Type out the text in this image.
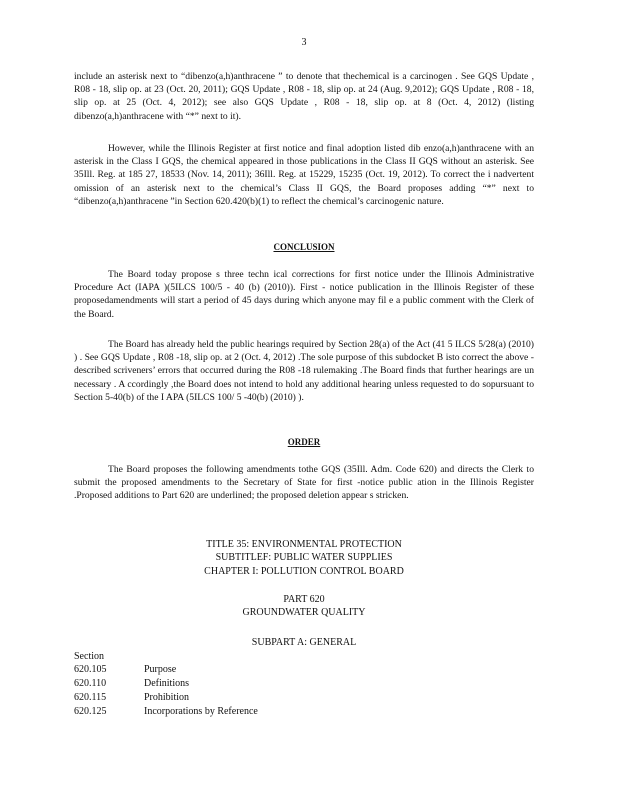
3

include an asterisk next to “dibenzo(a,h)anthracene ” to denote that thechemical is a carcinogen . See GQS Update , R08 - 18, slip op. at 23 (Oct. 20, 2011); GQS Update , R08 - 18, slip op. at 24 (Aug. 9,2012); GQS Update , R08 - 18, slip op. at 25 (Oct. 4, 2012); see also GQS Update , R08 - 18, slip op. at 8 (Oct. 4, 2012) (listing dibenzo(a,h)anthracene with “*” next to it).

However, while the Illinois Register at first notice and final adoption listed dib enzo(a,h)anthracene with an asterisk in the Class I GQS, the chemical appeared in those publications in the Class II GQS without an asterisk. See 35Ill. Reg. at 185 27, 18533 (Nov. 14, 2011); 36Ill. Reg. at 15229, 15235 (Oct. 19, 2012). To correct the i nadvertent omission of an asterisk next to the chemical’s Class II GQS, the Board proposes adding “*” next to “dibenzo(a,h)anthracene ”in Section 620.420(b)(1) to reflect the chemical’s carcinogenic nature.

CONCLUSION

The Board today propose s three techn ical corrections for first notice under the Illinois Administrative Procedure Act (IAPA )(5ILCS 100/5 - 40 (b) (2010)). First - notice publication in the Illinois Register of these proposedamendments will start a period of 45 days during which anyone may fil e a public comment with the Clerk of the Board.

The Board has already held the public hearings required by Section 28(a) of the Act (41 5 ILCS 5/28(a) (2010) ) . See GQS Update , R08 -18, slip op. at 2 (Oct. 4, 2012) .The sole purpose of this subdocket B isto correct the above -described scriveners’ errors that occurred during the R08 -18 rulemaking .The Board finds that further hearings are un necessary . A ccordingly ,the Board does not intend to hold any additional hearing unless requested to do sopursuant to Section 5-40(b) of the I APA (5ILCS 100/ 5 -40(b) (2010) ).

ORDER

The Board proposes the following amendments tothe GQS (35Ill. Adm. Code 620) and directs the Clerk to submit the proposed amendments to the Secretary of State for first -notice public ation in the Illinois Register .Proposed additions to Part 620 are underlined; the proposed deletion appear s stricken.

TITLE 35: ENVIRONMENTAL PROTECTION
SUBTITLEF: PUBLIC WATER SUPPLIES
CHAPTER I: POLLUTION CONTROL BOARD
PART 620
GROUNDWATER QUALITY
SUBPART A: GENERAL
Section
620.105	Purpose
620.110	Definitions
620.115	Prohibition
620.125	Incorporations by Reference
